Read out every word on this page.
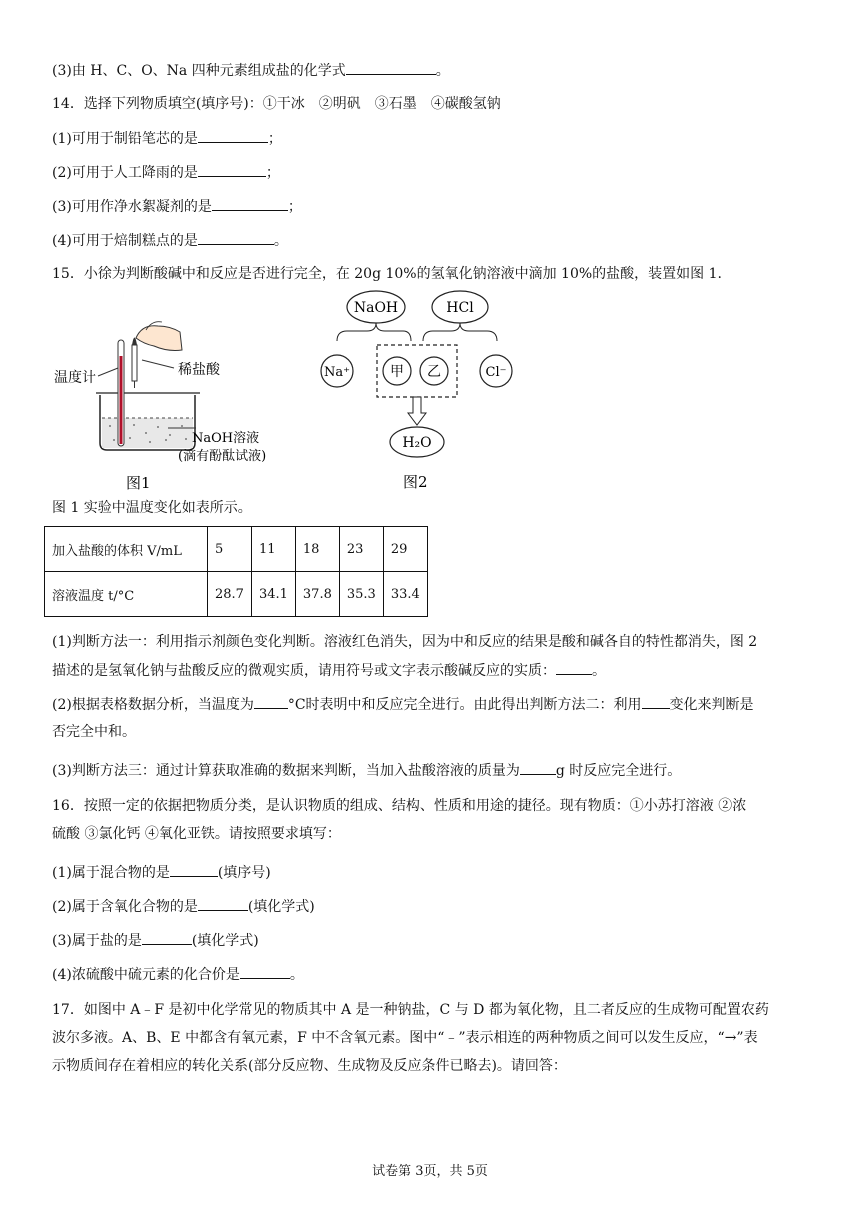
(3)由 H、C、O、Na 四种元素组成盐的化学式	。
14．选择下列物质填空(填序号)：①干冰　②明矾　③石墨　④碳酸氢钠
(1)可用于制铅笔芯的是	；
(2)可用于人工降雨的是	；
(3)可用作净水絮凝剂的是	；
(4)可用于焙制糕点的是	。
15．小徐为判断酸碱中和反应是否进行完全，在 20g 10%的氢氧化钠溶液中滴加 10%的盐酸，装置如图 1.
温度计	稀盐酸
NaOH溶液
(滴有酚酞试液)
图1
NaOH	HCl
Na⁺	甲 乙	Cl⁻
H₂O
图2
图 1 实验中温度变化如表所示。
加入盐酸的体积 V/mL	5	11	18	23	29
溶液温度 t/°C	28.7	34.1	37.8	35.3	33.4
(1)判断方法一：利用指示剂颜色变化判断。溶液红色消失，因为中和反应的结果是酸和碱各自的特性都消失，图 2
描述的是氢氧化钠与盐酸反应的微观实质，请用符号或文字表示酸碱反应的实质：	。
(2)根据表格数据分析，当温度为 °C时表明中和反应完全进行。由此得出判断方法二：利用 变化来判断是
否完全中和。
(3)判断方法三：通过计算获取准确的数据来判断，当加入盐酸溶液的质量为	g 时反应完全进行。
16．按照一定的依据把物质分类，是认识物质的组成、结构、性质和用途的捷径。现有物质：①小苏打溶液 ②浓
硫酸 ③氯化钙 ④氧化亚铁。请按照要求填写：
(1)属于混合物的是	(填序号)
(2)属于含氧化合物的是	(填化学式)
(3)属于盐的是	(填化学式)
(4)浓硫酸中硫元素的化合价是	。
17．如图中 A﹣F 是初中化学常见的物质其中 A 是一种钠盐，C 与 D 都为氧化物，且二者反应的生成物可配置农药
波尔多液。A、B、E 中都含有氧元素，F 中不含氧元素。图中“﹣”表示相连的两种物质之间可以发生反应，“→”表
示物质间存在着相应的转化关系(部分反应物、生成物及反应条件已略去)。请回答：
试卷第 3页，共 5页
